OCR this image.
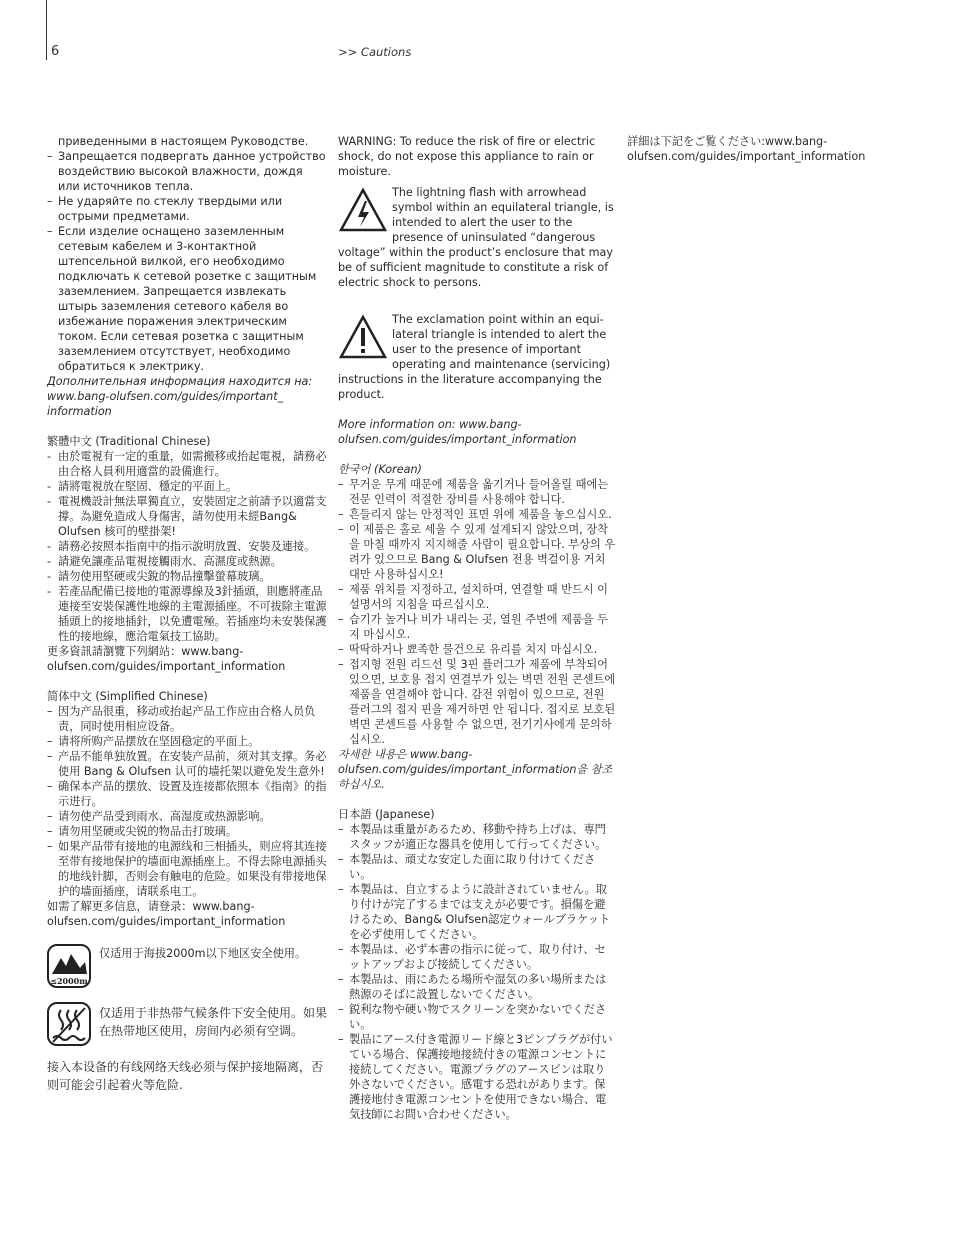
6	>> Cautions
приведенными в настоящем Руководстве.
– Запрещается подвергать данное устройство воздействию высокой влажности, дождя или источников тепла.
– Не ударяйте по стеклу твердыми или острыми предметами.
– Если изделие оснащено заземленным сетевым кабелем и 3-контактной штепсельной вилкой, его необходимо подключать к сетевой розетке с защитным заземлением. Запрещается извлекать штырь заземления сетевого кабеля во избежание поражения электрическим током. Если сетевая розетка с защитным заземлением отсутствует, необходимо обратиться к электрику.

Дополнительная информация находится на: www.bang-olufsen.com/guides/important_ information

繁體中文 (Traditional Chinese)

- 由於電視有一定的重量，如需搬移或抬起電視，請務必由合格人員利用適當的設備進行。
- 請將電視放在堅固、穩定的平面上。
- 電視機設計無法單獨直立，安裝固定之前請予以適當支撐。為避免造成人身傷害，請勿使用未經Bang& Olufsen 核可的壁掛架!
- 請務必按照本指南中的指示說明放置、安裝及連接。
- 請避免讓產品電視接觸雨水、高濕度或熱源。
- 請勿使用堅硬或尖銳的物品撞擊螢幕玻璃。
- 若產品配備已接地的電源導線及3針插頭，則應將產品連接至安裝保護性地線的主電源插座。不可拔除主電源插頭上的接地插針，以免遭電殛。若插座均未安裝保護性的接地線，應洽電氣技工協助。

更多資訊請瀏覽下列網站：www.bang-olufsen.com/guides/important_information

简体中文 (Simplified Chinese)

– 因为产品很重，移动或抬起产品工作应由合格人员负责，同时使用相应设备。
– 请将所购产品摆放在坚固稳定的平面上。
– 产品不能单独放置。在安装产品前，须对其支撑。务必使用 Bang & Olufsen 认可的墙托架以避免发生意外!
– 确保本产品的摆放、设置及连接都依照本《指南》的指示进行。
– 请勿使产品受到雨水、高湿度或热源影响。
– 请勿用坚硬或尖锐的物品击打玻璃。
– 如果产品带有接地的电源线和三相插头，则应将其连接至带有接地保护的墙面电源插座上。不得去除电源插头的地线针脚，否则会有触电的危险。如果没有带接地保护的墙面插座，请联系电工。

如需了解更多信息，请登录：www.bang-olufsen.com/guides/important_information

≤2000m

仅适用于海拔2000m以下地区安全使用。

仅适用于非热带气候条件下安全使用。如果在热带地区使用，房间内必须有空调。

接入本设备的有线网络天线必须与保护接地隔离，否则可能会引起着火等危险.

WARNING: To reduce the risk of fire or electric shock, do not expose this appliance to rain or moisture.

The lightning flash with arrowhead symbol within an equilateral triangle, is intended to alert the user to the presence of uninsulated “dangerous voltage” within the product’s enclosure that may be of sufficient magnitude to constitute a risk of electric shock to persons.

The exclamation point within an equi-lateral triangle is intended to alert the user to the presence of important operating and maintenance (servicing) instructions in the literature accompanying the product.

More information on: www.bang-olufsen.com/guides/important_information

한국어 (Korean)

– 무거운 무게 때문에 제품을 옮기거나 들어올릴 때에는 전문 인력이 적절한 장비를 사용해야 합니다.
– 흔들리지 않는 안정적인 표면 위에 제품을 놓으십시오.
– 이 제품은 홀로 세울 수 있게 설계되지 않았으며, 장착을 마칠 때까지 지지해줄 사람이 필요합니다. 부상의 우려가 있으므로 Bang & Olufsen 전용 벽걸이용 거치대만 사용하십시오!
– 제품 위치를 지정하고, 설치하며, 연결할 때 반드시 이 설명서의 지침을 따르십시오.
– 습기가 높거나 비가 내리는 곳, 열원 주변에 제품을 두지 마십시오.
– 딱딱하거나 뾰족한 물건으로 유리를 치지 마십시오.
– 접지형 전원 리드선 및 3핀 플러그가 제품에 부착되어 있으면, 보호용 접지 연결부가 있는 벽면 전원 콘센트에 제품을 연결해야 합니다. 감전 위험이 있으므로, 전원 플러그의 접지 핀을 제거하면 안 됩니다. 접지로 보호된 벽면 콘센트를 사용할 수 없으면, 전기기사에게 문의하십시오.

자세한 내용은 www.bang-olufsen.com/guides/important_information을 참조하십시오.

日本語 (Japanese)

– 本製品は重量があるため、移動や持ち上げは、専門スタッフが適正な器具を使用して行ってください。
– 本製品は、頑丈な安定した面に取り付けてください。
– 本製品は、自立するように設計されていません。取り付けが完了するまでは支えが必要です。損傷を避けるため、Bang& Olufsen認定ウォールブラケットを必ず使用してください。
– 本製品は、必ず本書の指示に従って、取り付け、セットアップおよび接続してください。
– 本製品は、雨にあたる場所や湿気の多い場所または熱源のそばに設置しないでください。
– 鋭利な物や硬い物でスクリーンを突かないでください。
– 製品にアース付き電源リード線と3ピンプラグが付いている場合、保護接地接続付きの電源コンセントに接続してください。電源プラグのアースピンは取り外さないでください。感電する恐れがあります。保護接地付き電源コンセントを使用できない場合、電気技師にお問い合わせください。

詳細は下記をご覧ください:www.bang-olufsen.com/guides/important_information
